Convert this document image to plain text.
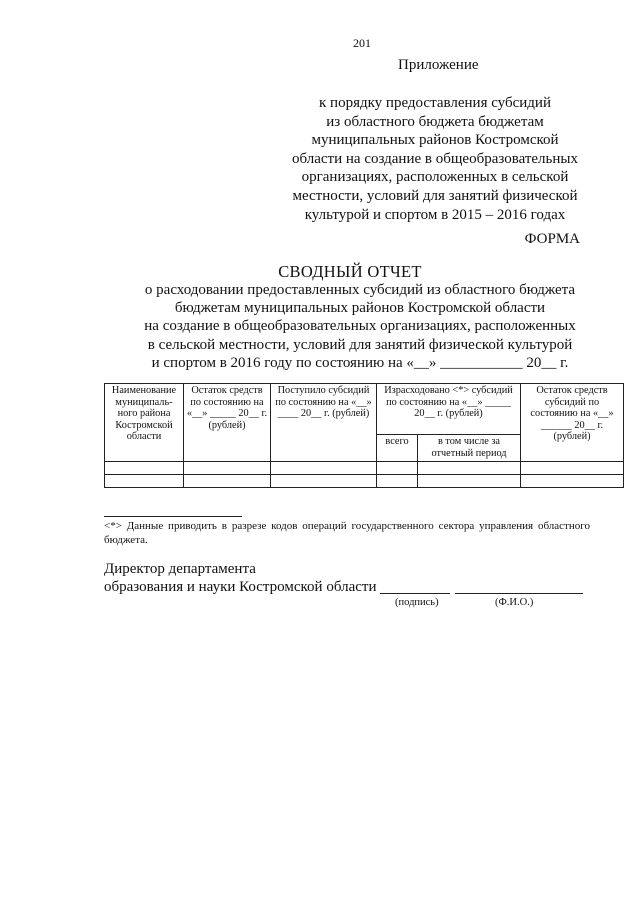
201
Приложение
к порядку предоставления субсидий
из областного бюджета бюджетам
муниципальных районов Костромской
области на создание в общеобразовательных
организациях, расположенных в сельской
местности, условий для занятий физической
культурой и спортом в 2015 – 2016 годах
ФОРМА
СВОДНЫЙ ОТЧЕТ
о расходовании предоставленных субсидий из областного бюджета
бюджетам муниципальных районов Костромской области
на создание в общеобразовательных организациях, расположенных
в сельской местности, условий для занятий физической культурой
и спортом в 2016 году по состоянию на «__» ___________ 20__ г.
Наименование муниципаль-ного района Костромской области	Остаток средств по состоянию на «__» _____ 20__ г. (рублей)	Поступило субсидий по состоянию на «__» ____ 20__ г. (рублей)	Израсходовано <*> субсидий по состоянию на «__» _____ 20__ г. (рублей)		Остаток средств субсидий по состоянию на «__» ______ 20__ г. (рублей)
			всего	в том числе за отчетный период	

<*> Данные приводить в разрезе кодов операций государственного сектора управления областного бюджета.
Директор департамента
образования и науки Костромской области
(подпись)	(Ф.И.О.)
